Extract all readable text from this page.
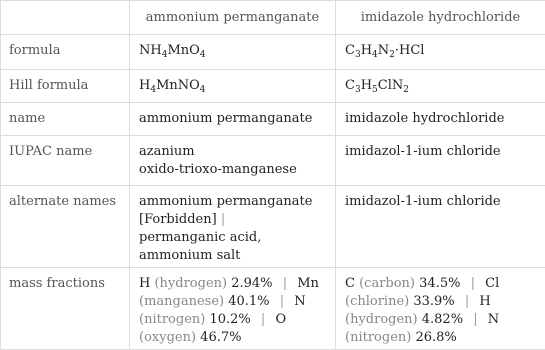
	ammonium permanganate	imidazole hydrochloride

formula	$NH_4MnO_4$	$C_3H_4N_2\cdot HCl$

Hill formula	$H_4MnNO_4$	$C_3H_5ClN_2$

name	ammonium permanganate	imidazole hydrochloride

IUPAC name	azanium
oxido-trioxo-manganese	imidazol-1-ium chloride

alternate names	ammonium permanganate
[Forbidden] |
permanganic acid,
ammonium salt	imidazol-1-ium chloride

mass fractions	H (hydrogen) 2.94% | Mn (manganese) 40.1% | N (nitrogen) 10.2% | O (oxygen) 46.7%	C (carbon) 34.5% | Cl (chlorine) 33.9% | H (hydrogen) 4.82% | N (nitrogen) 26.8%
